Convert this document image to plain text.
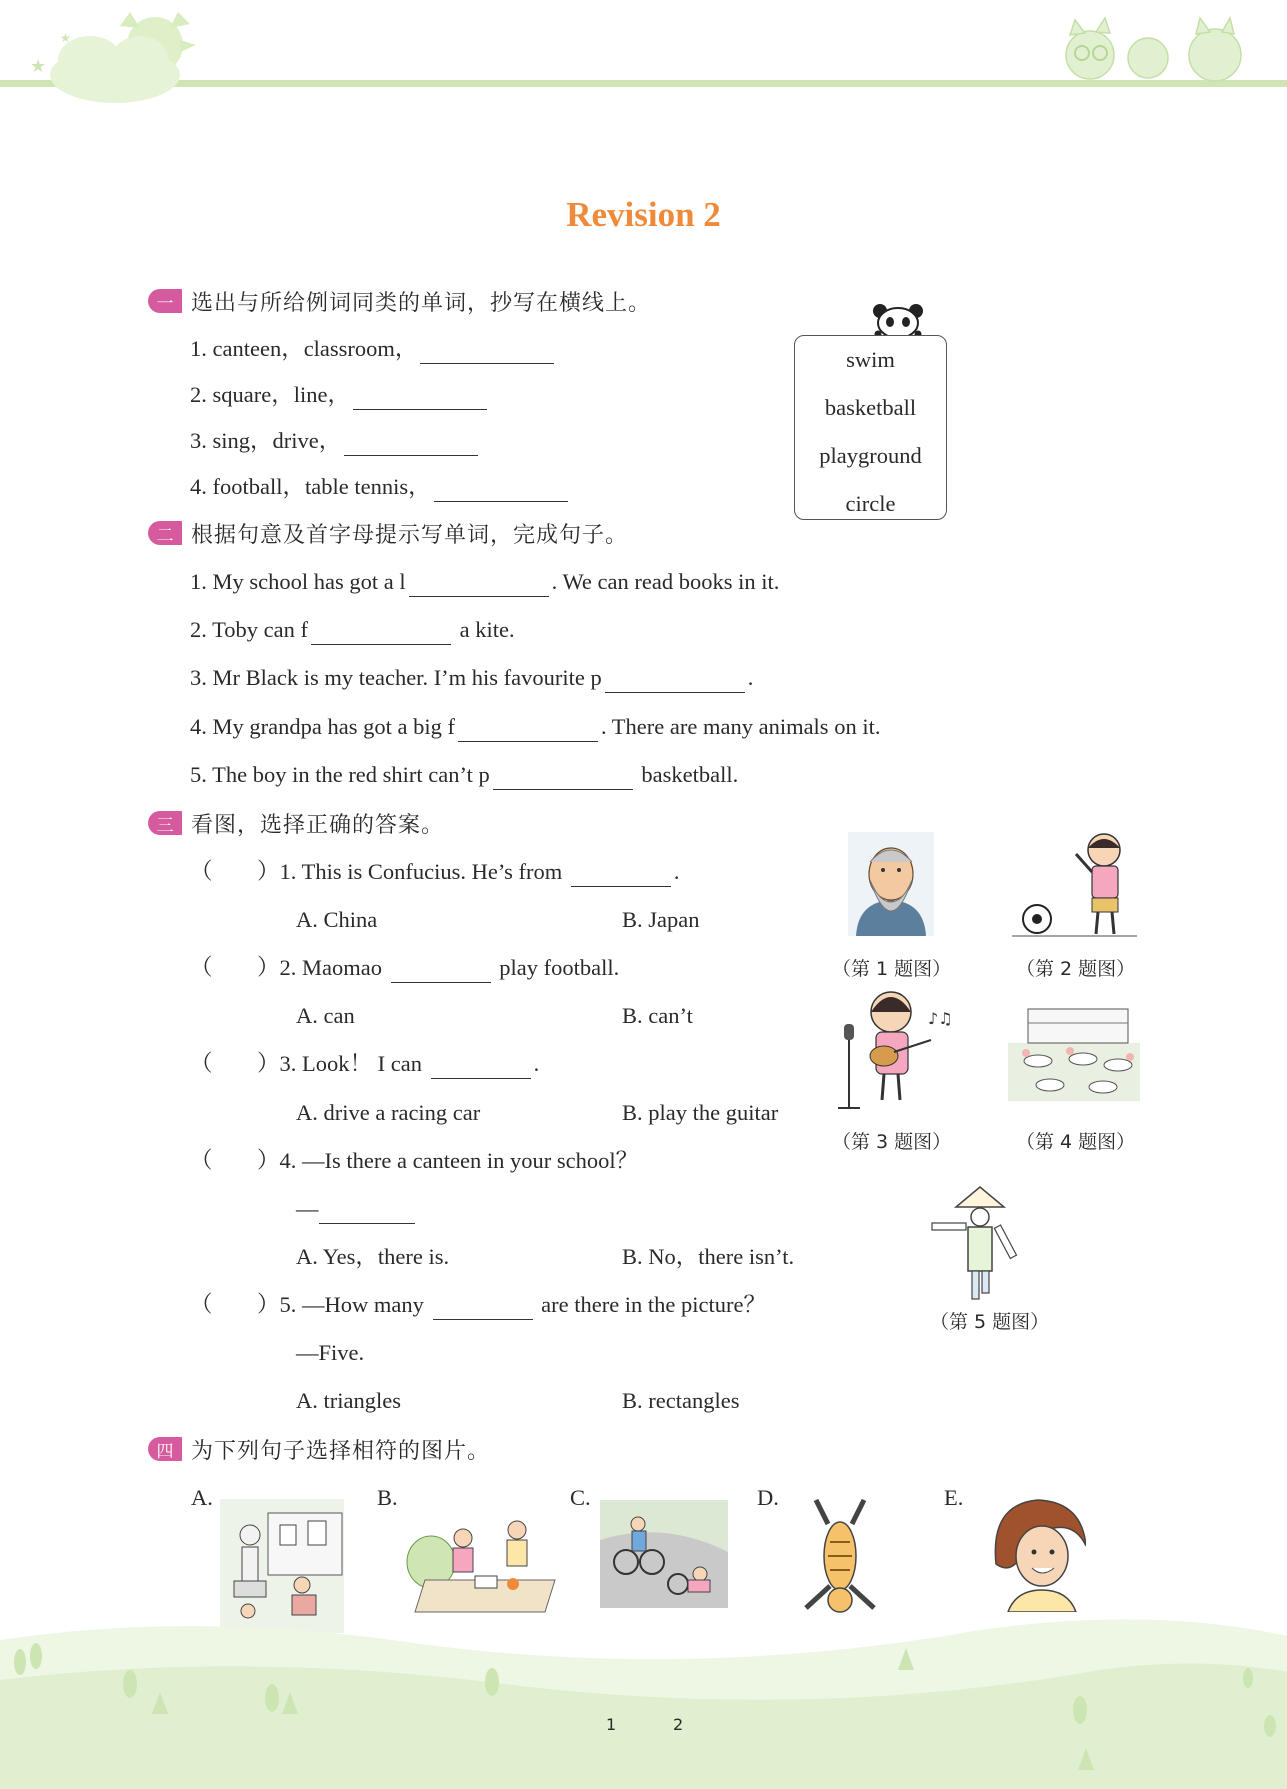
★
★
Revision 2
一 选出与所给例词同类的单词，抄写在横线上。
1. canteen，classroom，
2. square，line，
3. sing，drive，
4. football，table tennis，
swim
basketball
playground
circle
二 根据句意及首字母提示写单词，完成句子。
1. My school has got a l	. We can read books in it.
2. Toby can f	a kite.
3. Mr Black is my teacher. I’m his favourite p	.
4. My grandpa has got a big f	. There are many animals on it.
5. The boy in the red shirt can’t p	basketball.
三 看图，选择正确的答案。
（ ）1. This is Confucius. He’s from	.
A. China	B. Japan
（ ）2. Maomao	play football.
A. can	B. can’t
（ ）3. Look！ I can	.
A. drive a racing car	B. play the guitar
（ ）4. —Is there a canteen in your school？
—
A. Yes，there is.	B. No，there isn’t.
（ ）5. —How many	are there in the picture？
—Five.
A. triangles	B. rectangles
（第 1 题图）	（第 2 题图）
♪♫
（第 3 题图）	（第 4 题图）
（第 5 题图）
四 为下列句子选择相符的图片。
A.	B.	C.	D.	E.
1	2
